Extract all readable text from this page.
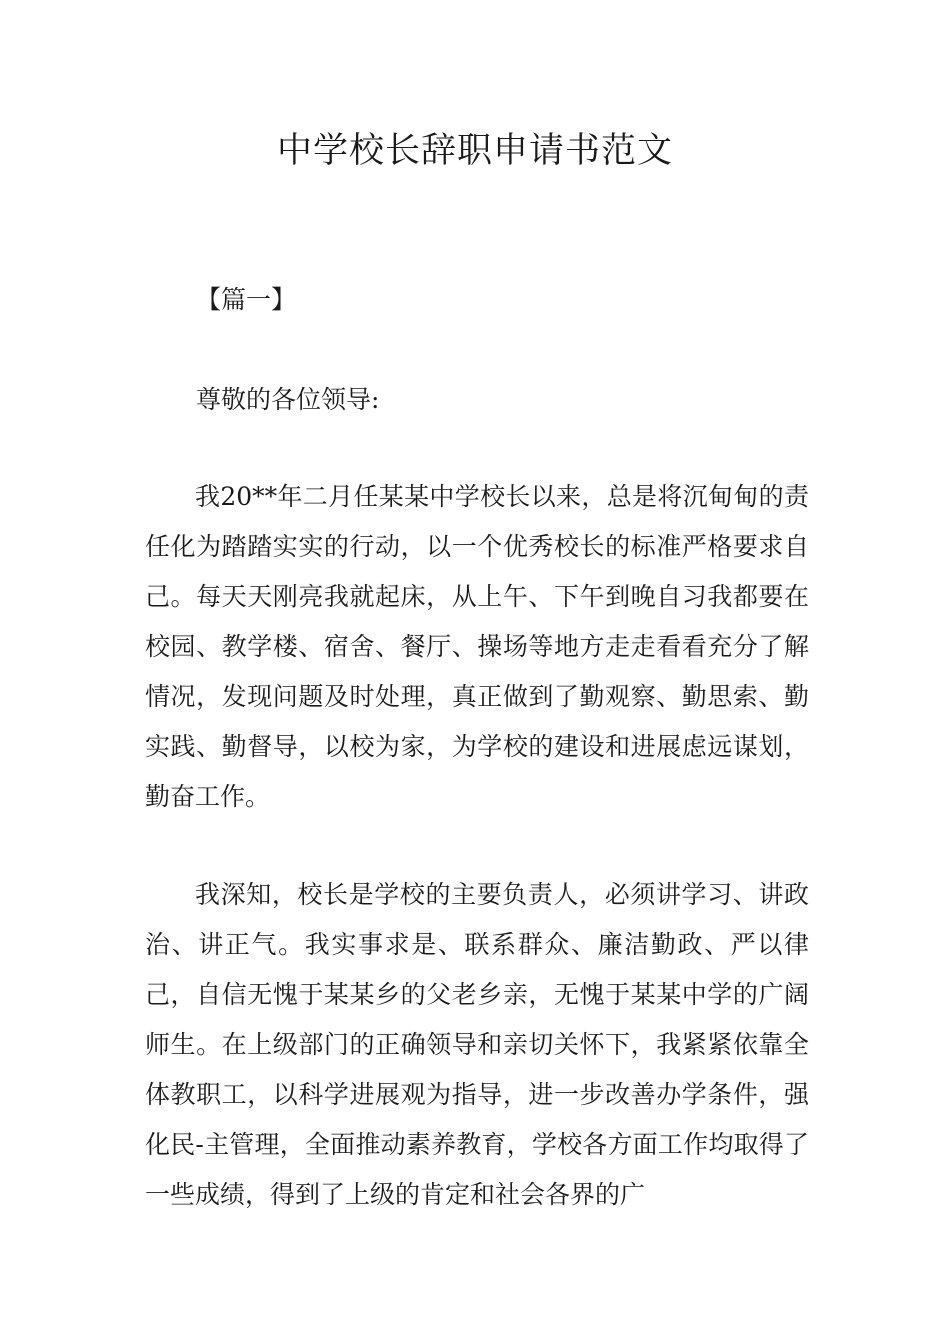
中学校长辞职申请书范文

【篇一】

尊敬的各位领导:

我20**年二月任某某中学校长以来，总是将沉甸甸的责任化为踏踏实实的行动，以一个优秀校长的标准严格要求自己。每天天刚亮我就起床，从上午、下午到晚自习我都要在校园、教学楼、宿舍、餐厅、操场等地方走走看看充分了解情况，发现问题及时处理，真正做到了勤观察、勤思索、勤实践、勤督导，以校为家，为学校的建设和进展虑远谋划，勤奋工作。

我深知，校长是学校的主要负责人，必须讲学习、讲政治、讲正气。我实事求是、联系群众、廉洁勤政、严以律己，自信无愧于某某乡的父老乡亲，无愧于某某中学的广阔师生。在上级部门的正确领导和亲切关怀下，我紧紧依靠全体教职工，以科学进展观为指导，进一步改善办学条件，强化民-主管理，全面推动素养教育，学校各方面工作均取得了一些成绩，得到了上级的肯定和社会各界的广
